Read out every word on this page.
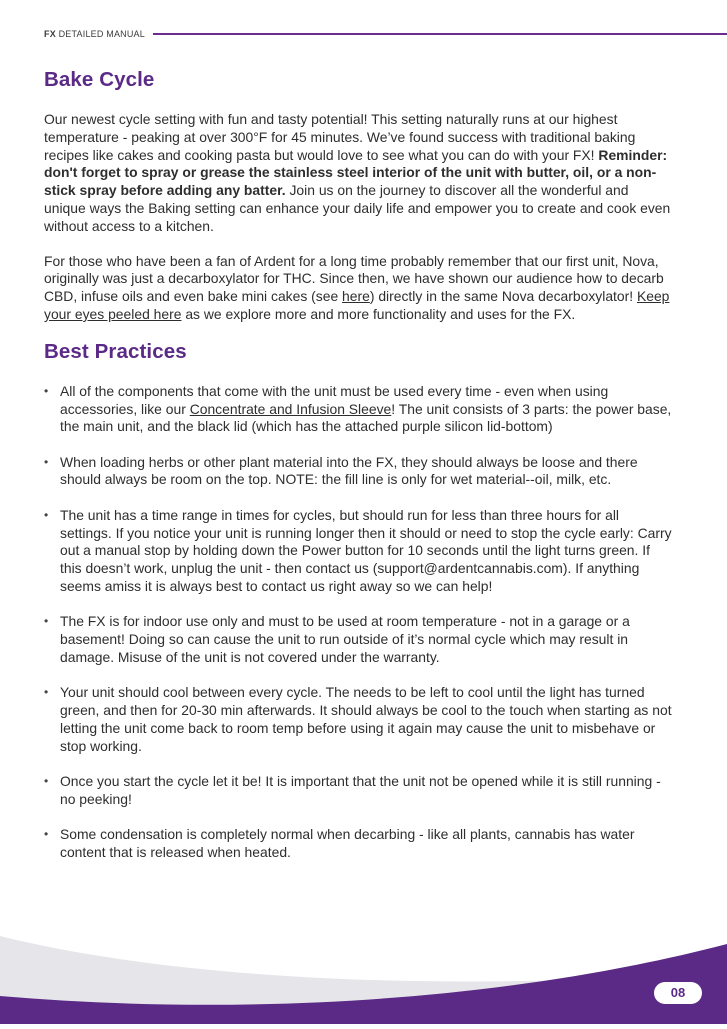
FX DETAILED MANUAL
Bake Cycle

Our newest cycle setting with fun and tasty potential! This setting naturally runs at our highest temperature - peaking at over 300°F for 45 minutes. We’ve found success with traditional baking recipes like cakes and cooking pasta but would love to see what you can do with your FX! Reminder: don't forget to spray or grease the stainless steel interior of the unit with butter, oil, or a non-stick spray before adding any batter. Join us on the journey to discover all the wonderful and unique ways the Baking setting can enhance your daily life and empower you to create and cook even without access to a kitchen.

For those who have been a fan of Ardent for a long time probably remember that our first unit, Nova, originally was just a decarboxylator for THC. Since then, we have shown our audience how to decarb CBD, infuse oils and even bake mini cakes (see here) directly in the same Nova decarboxylator! Keep your eyes peeled here as we explore more and more functionality and uses for the FX.

Best Practices
• All of the components that come with the unit must be used every time - even when using accessories, like our Concentrate and Infusion Sleeve! The unit consists of 3 parts: the power base, the main unit, and the black lid (which has the attached purple silicon lid-bottom)
• When loading herbs or other plant material into the FX, they should always be loose and there should always be room on the top. NOTE: the fill line is only for wet material--oil, milk, etc.
• The unit has a time range in times for cycles, but should run for less than three hours for all settings. If you notice your unit is running longer then it should or need to stop the cycle early: Carry out a manual stop by holding down the Power button for 10 seconds until the light turns green. If this doesn’t work, unplug the unit - then contact us (support@ardentcannabis.com). If anything seems amiss it is always best to contact us right away so we can help!
• The FX is for indoor use only and must to be used at room temperature - not in a garage or a basement! Doing so can cause the unit to run outside of it’s normal cycle which may result in damage. Misuse of the unit is not covered under the warranty.
• Your unit should cool between every cycle. The needs to be left to cool until the light has turned green, and then for 20-30 min afterwards. It should always be cool to the touch when starting as not letting the unit come back to room temp before using it again may cause the unit to misbehave or stop working.
• Once you start the cycle let it be! It is important that the unit not be opened while it is still running - no peeking!
• Some condensation is completely normal when decarbing - like all plants, cannabis has water content that is released when heated.
08
